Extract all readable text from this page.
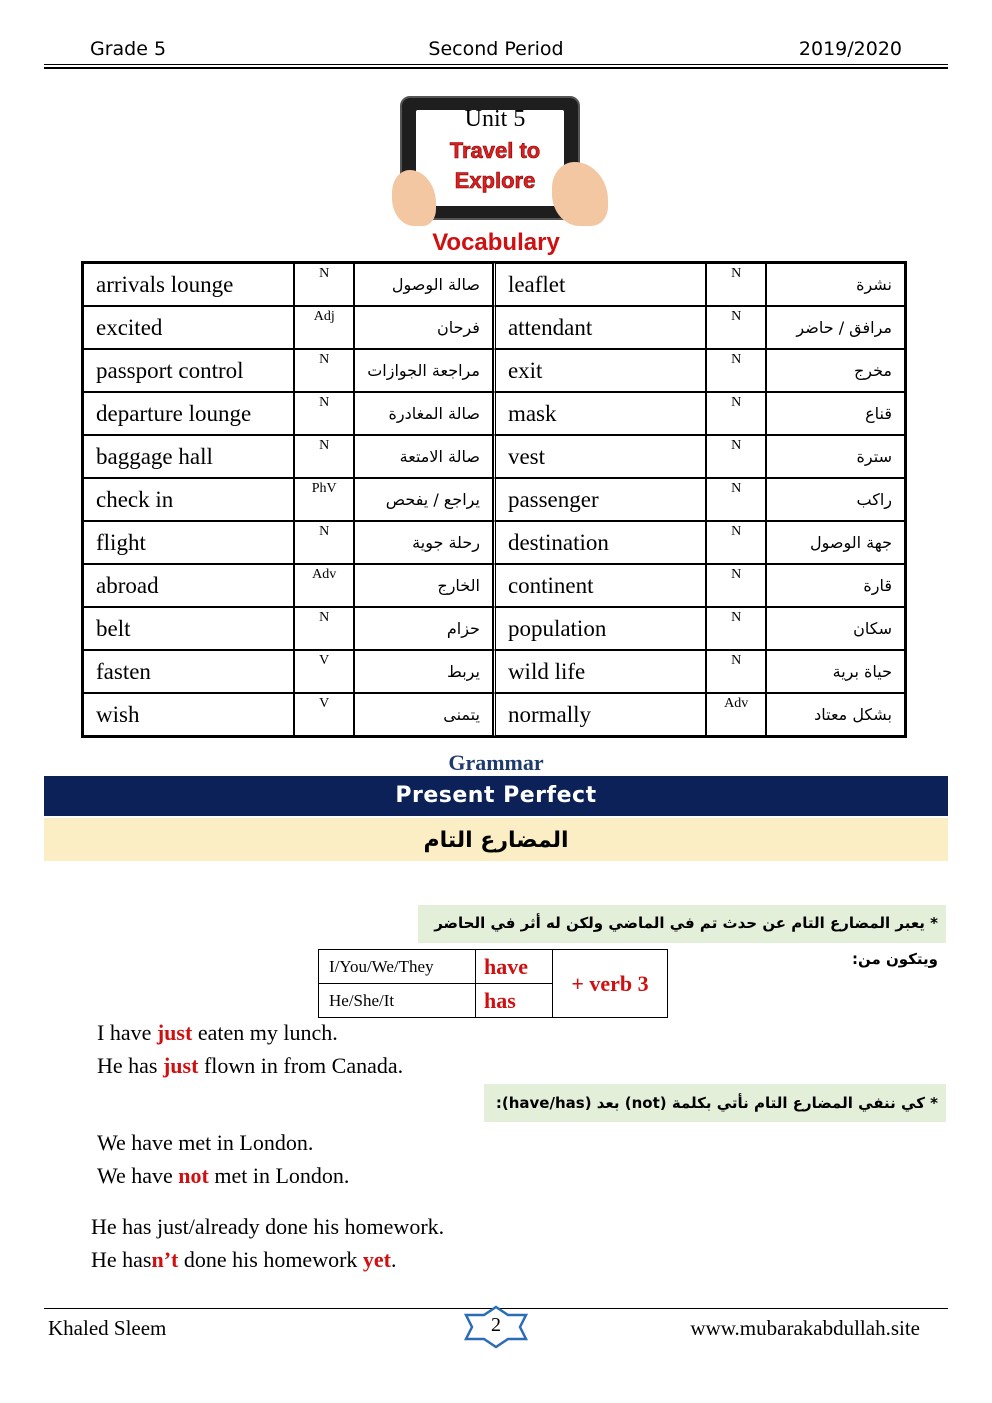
Grade 5	Second Period	2019/2020
Unit 5
Travel to
Explore
Vocabulary
arrivals lounge	N	صالة الوصول	leaflet	N	نشرة
excited	Adj	فرحان	attendant	N	مرافق / حاضر
passport control	N	مراجعة الجوازات	exit	N	مخرج
departure lounge	N	صالة المغادرة	mask	N	قناع
baggage hall	N	صالة الامتعة	vest	N	سترة
check in	PhV	يراجع / يفحص	passenger	N	راكب
flight	N	رحلة جوية	destination	N	جهة الوصول
abroad	Adv	الخارج	continent	N	قارة
belt	N	حزام	population	N	سكان
fasten	V	يربط	wild life	N	حياة برية
wish	V	يتمنى	normally	Adv	بشكل معتاد
Grammar
Present Perfect
المضارع التام
* يعبر المضارع التام عن حدث تم في الماضي ولكن له أثر في الحاضر ويتكون من:
I/You/We/They	have	+ verb 3
He/She/It	has	
I have just eaten my lunch.
He has just flown in from Canada.
* كي ننفي المضارع التام نأتي بكلمة (not) بعد (have/has):
We have met in London.
We have not met in London.
He has just/already done his homework.
He hasn’t done his homework yet.
Khaled Sleem	2	www.mubarakabdullah.site
